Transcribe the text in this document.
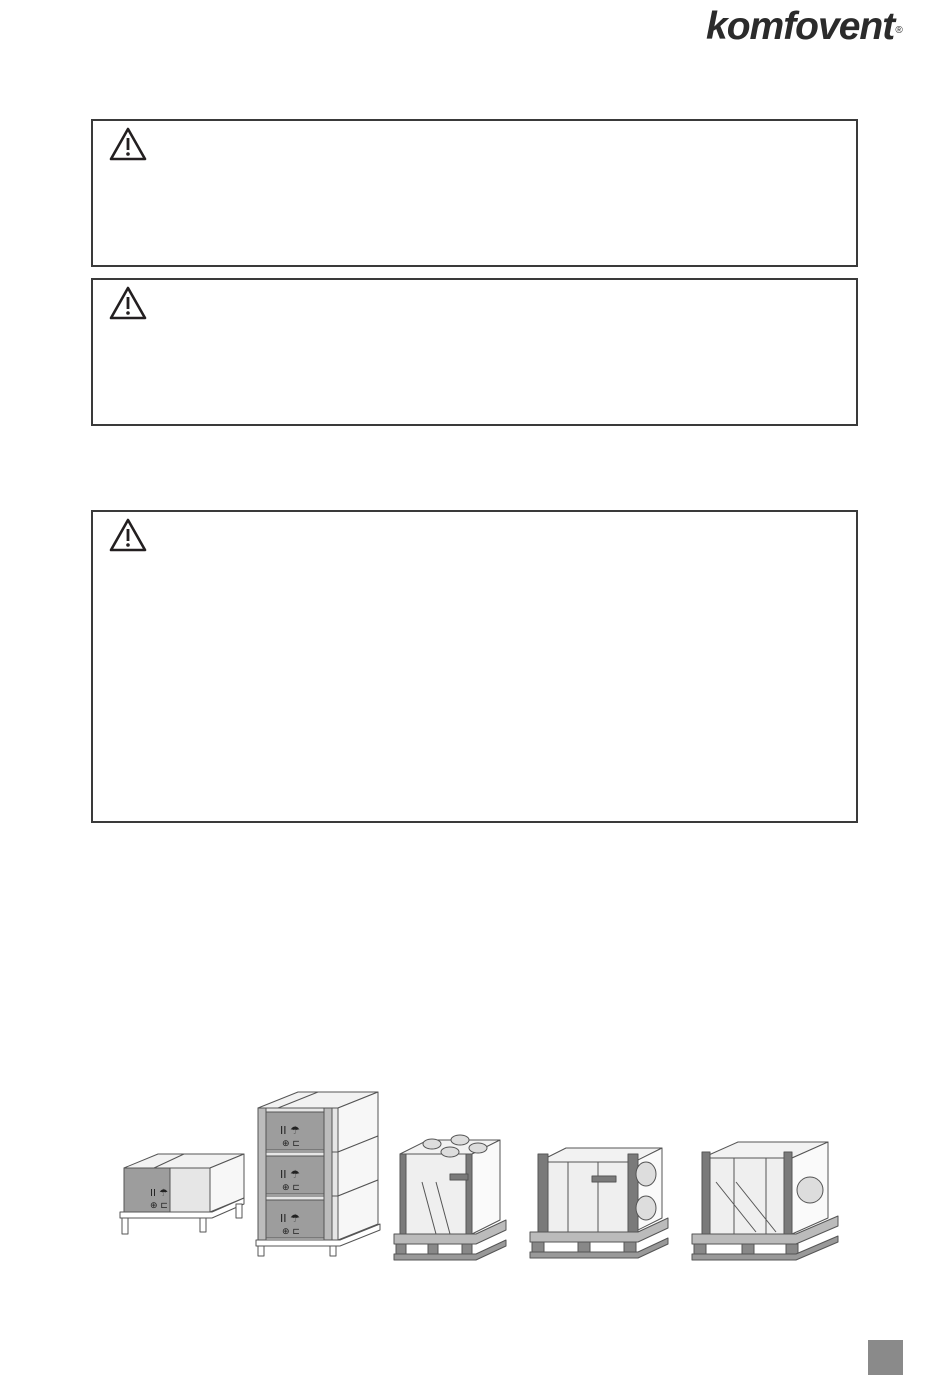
komfovent®
II ☂
⊕ ⊏
II ☂
⊕ ⊏
II ☂
⊕ ⊏
II ☂
⊕ ⊏
